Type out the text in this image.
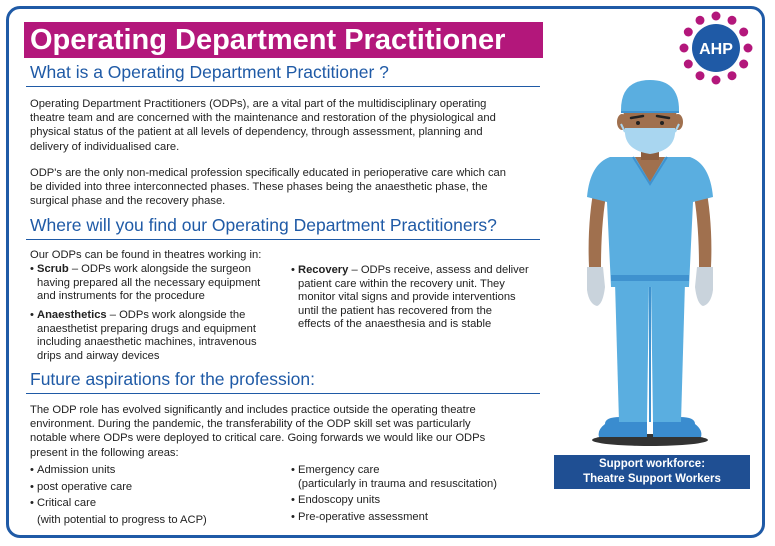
Operating Department Practitioner	AHP
What is a Operating Department Practitioner ?
Operating Department Practitioners (ODPs), are a vital part of the multidisciplinary operating
theatre team and are concerned with the maintenance and restoration of the physiological and
physical status of the patient at all levels of dependency, through assessment, planning and
delivery of individualised care.
ODP's are the only non-medical profession specifically educated in perioperative care which can
be divided into three interconnected phases. These phases being the anaesthetic phase, the
surgical phase and the recovery phase.
Where will you find our Operating Department Practitioners?
Our ODPs can be found in theatres working in:
• Scrub – ODPs work alongside the surgeon
having prepared all the necessary equipment
and instruments for the procedure
• Anaesthetics – ODPs work alongside the
anaesthetist preparing drugs and equipment
including anaesthetic machines, intravenous
drips and airway devices
• Recovery – ODPs receive, assess and deliver
patient care within the recovery unit. They
monitor vital signs and provide interventions
until the patient has recovered from the
effects of the anaesthesia and is stable
Future aspirations for the profession:
The ODP role has evolved significantly and includes practice outside the operating theatre
environment. During the pandemic, the transferability of the ODP skill set was particularly
notable where ODPs were deployed to critical care. Going forwards we would like our ODPs
present in the following areas:
• Admission units
• post operative care
• Critical care
(with potential to progress to ACP)
• Emergency care
(particularly in trauma and resuscitation)
• Endoscopy units
• Pre-operative assessment
Support workforce:
Theatre Support Workers
